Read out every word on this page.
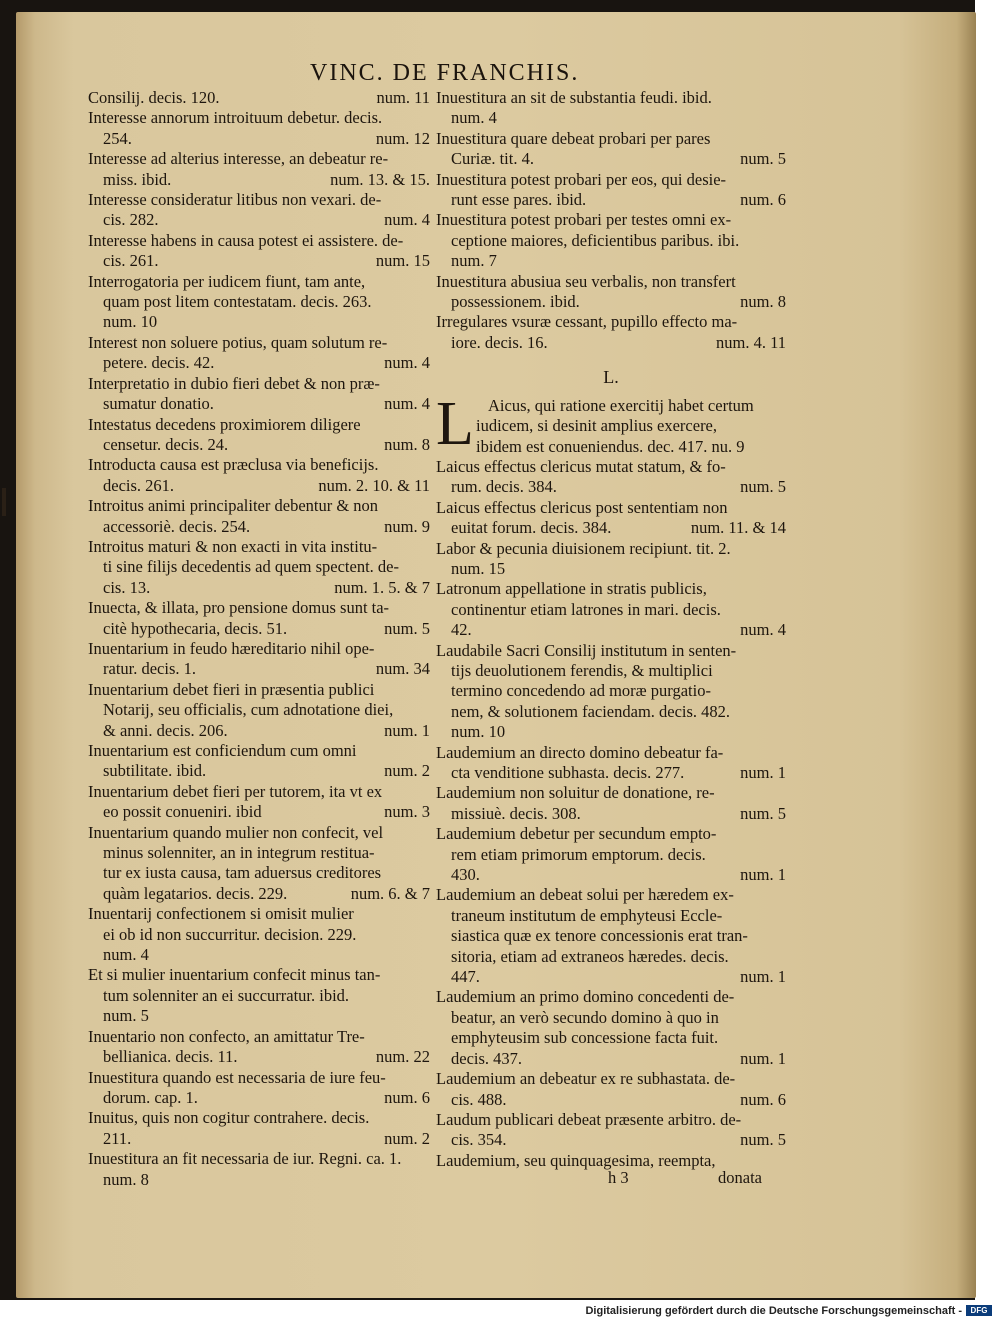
VINC. DE FRANCHIS.
Consilij. decis. 120.	num. 11
Interesse annorum introituum debetur. decis.
254.	num. 12
Interesse ad alterius interesse, an debeatur re-
miss. ibid.	num. 13. & 15.
Interesse consideratur litibus non vexari. de-
cis. 282.	num. 4
Interesse habens in causa potest ei assistere. de-
cis. 261.	num. 15
Interrogatoria per iudicem fiunt, tam ante,
quam post litem contestatam. decis. 263.
num. 10
Interest non soluere potius, quam solutum re-
petere. decis. 42.	num. 4
Interpretatio in dubio fieri debet & non præ-
sumatur donatio.	num. 4
Intestatus decedens proximiorem diligere
censetur. decis. 24.	num. 8
Introducta causa est præclusa via beneficijs.
decis. 261.	num. 2. 10. & 11
Introitus animi principaliter debentur & non
accessoriè. decis. 254.	num. 9
Introitus maturi & non exacti in vita institu-
ti sine filijs decedentis ad quem spectent. de-
cis. 13.	num. 1. 5. & 7
Inuecta, & illata, pro pensione domus sunt ta-
citè hypothecaria, decis. 51.	num. 5
Inuentarium in feudo hæreditario nihil ope-
ratur. decis. 1.	num. 34
Inuentarium debet fieri in præsentia publici
Notarij, seu officialis, cum adnotatione diei,
& anni. decis. 206.	num. 1
Inuentarium est conficiendum cum omni
subtilitate. ibid.	num. 2
Inuentarium debet fieri per tutorem, ita vt ex
eo possit conueniri. ibid	num. 3
Inuentarium quando mulier non confecit, vel
minus solenniter, an in integrum restitua-
tur ex iusta causa, tam aduersus creditores
quàm legatarios. decis. 229.	num. 6. & 7
Inuentarij confectionem si omisit mulier
ei ob id non succurritur. decision. 229.
num. 4
Et si mulier inuentarium confecit minus tan-
tum solenniter an ei succurratur. ibid.
num. 5
Inuentario non confecto, an amittatur Tre-
bellianica. decis. 11.	num. 22
Inuestitura quando est necessaria de iure feu-
dorum. cap. 1.	num. 6
Inuitus, quis non cogitur contrahere. decis.
211.	num. 2
Inuestitura an fit necessaria de iur. Regni. ca. 1.
num. 8
Inuestitura an sit de substantia feudi. ibid.
num. 4
Inuestitura quare debeat probari per pares
Curiæ. tit. 4.	num. 5
Inuestitura potest probari per eos, qui desie-
runt esse pares. ibid.	num. 6
Inuestitura potest probari per testes omni ex-
ceptione maiores, deficientibus paribus. ibi.
num. 7
Inuestitura abusiua seu verbalis, non transfert
possessionem. ibid.	num. 8
Irregulares vsuræ cessant, pupillo effecto ma-
iore. decis. 16.	num. 4. 11
L.
L Aicus, qui ratione exercitij habet certum
iudicem, si desinit amplius exercere,
ibidem est conueniendus. dec. 417. nu. 9
Laicus effectus clericus mutat statum, & fo-
rum. decis. 384.	num. 5
Laicus effectus clericus post sententiam non
euitat forum. decis. 384.	num. 11. & 14
Labor & pecunia diuisionem recipiunt. tit. 2.
num. 15
Latronum appellatione in stratis publicis,
continentur etiam latrones in mari. decis.
42.	num. 4
Laudabile Sacri Consilij institutum in senten-
tijs deuolutionem ferendis, & multiplici
termino concedendo ad moræ purgatio-
nem, & solutionem faciendam. decis. 482.
num. 10
Laudemium an directo domino debeatur fa-
cta venditione subhasta. decis. 277.	num. 1
Laudemium non soluitur de donatione, re-
missiuè. decis. 308.	num. 5
Laudemium debetur per secundum empto-
rem etiam primorum emptorum. decis.
430.	num. 1
Laudemium an debeat solui per hæredem ex-
traneum institutum de emphyteusi Eccle-
siastica quæ ex tenore concessionis erat tran-
sitoria, etiam ad extraneos hæredes. decis.
447.	num. 1
Laudemium an primo domino concedenti de-
beatur, an verò secundo domino à quo in
emphyteusim sub concessione facta fuit.
decis. 437.	num. 1
Laudemium an debeatur ex re subhastata. de-
cis. 488.	num. 6
Laudum publicari debeat præsente arbitro. de-
cis. 354.	num. 5
Laudemium, seu quinquagesima, reempta,
h 3	donata
Digitalisierung gefördert durch die Deutsche Forschungsgemeinschaft -	DFG
